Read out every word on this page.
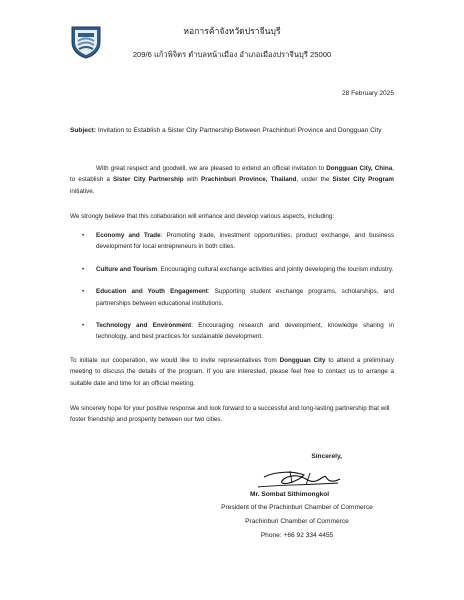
หอการค้าจังหวัดปราจีนบุรี
209/6 แก้วพิจิตร ตำบลหน้าเมือง อำเภอเมืองปราจีนบุรี 25000
28 February 2025
Subject: Invitation to Establish a Sister City Partnership Between Prachinburi Province and Dongguan City
With great respect and goodwill, we are pleased to extend an official invitation to Dongguan City, China, to establish a Sister City Partnership with Prachinburi Province, Thailand, under the Sister City Program initiative.
We strongly believe that this collaboration will enhance and develop various aspects, including:
• Economy and Trade: Promoting trade, investment opportunities, product exchange, and business development for local entrepreneurs in both cities.
• Culture and Tourism: Encouraging cultural exchange activities and jointly developing the tourism industry.
• Education and Youth Engagement: Supporting student exchange programs, scholarships, and partnerships between educational institutions.
• Technology and Environment: Encouraging research and development, knowledge sharing in technology, and best practices for sustainable development.
To initiate our cooperation, we would like to invite representatives from Dongguan City to attend a preliminary meeting to discuss the details of the program. If you are interested, please feel free to contact us to arrange a suitable date and time for an official meeting.
We sincerely hope for your positive response and look forward to a successful and long-lasting partnership that will foster friendship and prosperity between our two cities.
Sincerely,
Mr. Sombat Sithimongkol
President of the Prachinburi Chamber of Commerce
Prachinburi Chamber of Commerce
Phone: +66 92 334 4455
